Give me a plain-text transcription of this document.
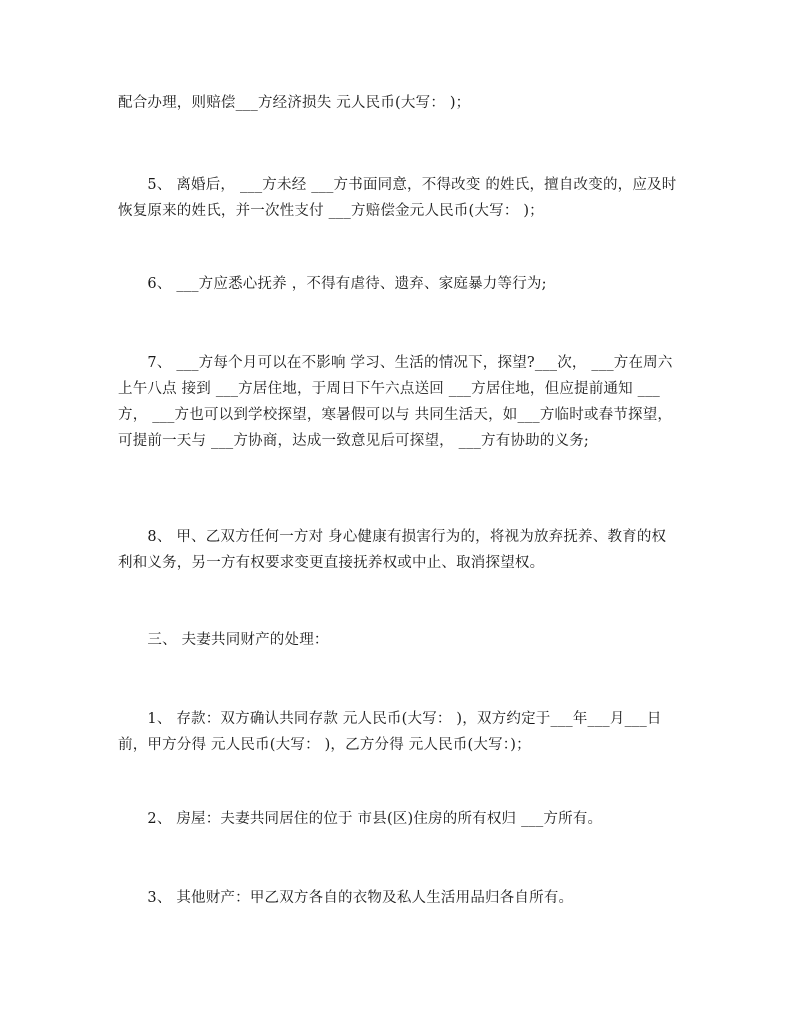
配合办理，则赔偿___方经济损失 元人民币(大写： )；

　　5、 离婚后， ___方未经 ___方书面同意，不得改变 的姓氏，擅自改变的，应及时恢复原来的姓氏，并一次性支付 ___方赔偿金元人民币(大写： )；

　　6、 ___方应悉心抚养 ，不得有虐待、遗弃、家庭暴力等行为;

　　7、 ___方每个月可以在不影响 学习、生活的情况下，探望?___次， ___方在周六上午八点 接到 ___方居住地，于周日下午六点送回 ___方居住地，但应提前通知 ___方， ___方也可以到学校探望，寒暑假可以与 共同生活天，如___方临时或春节探望，可提前一天与 ___方协商，达成一致意见后可探望， ___方有协助的义务;

　　8、 甲、乙双方任何一方对 身心健康有损害行为的，将视为放弃抚养、教育的权利和义务，另一方有权要求变更直接抚养权或中止、取消探望权。

　　三、 夫妻共同财产的处理：

　　1、 存款：双方确认共同存款 元人民币(大写： )，双方约定于___年___月___日前，甲方分得 元人民币(大写： )，乙方分得 元人民币(大写：)；

　　2、 房屋：夫妻共同居住的位于 市县(区)住房的所有权归 ___方所有。

　　3、 其他财产：甲乙双方各自的衣物及私人生活用品归各自所有。
